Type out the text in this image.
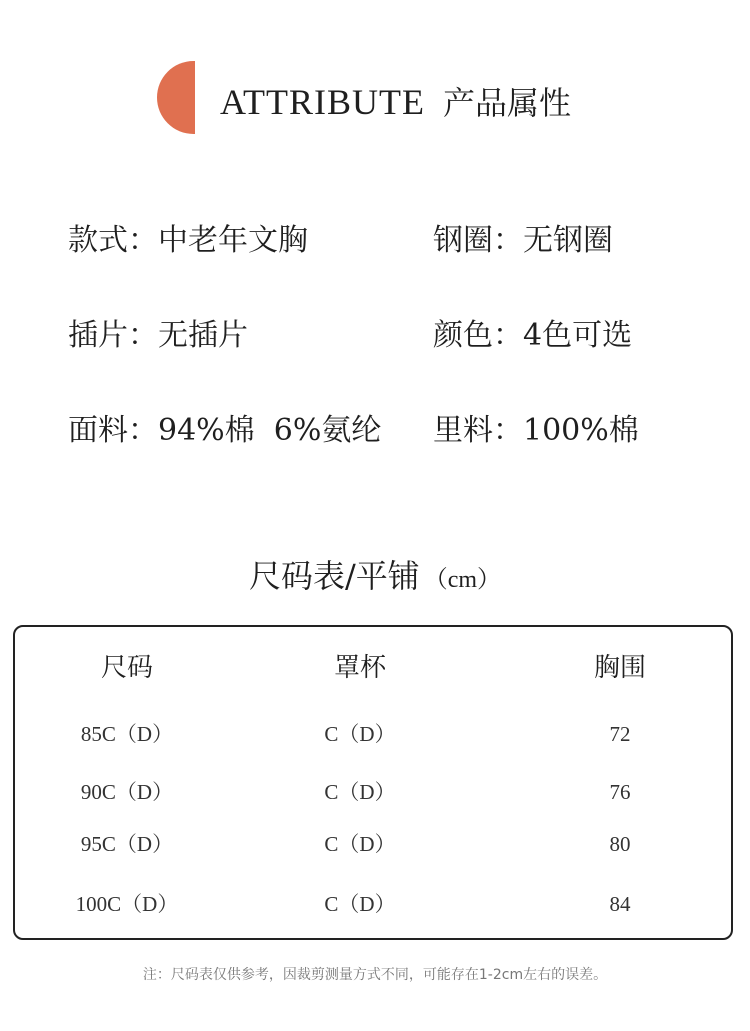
ATTRIBUTE 产品属性
款式：中老年文胸	钢圈：无钢圈
插片：无插片	颜色：4色可选
面料：94%棉  6%氨纶 里料：100%棉
尺码表/平铺 （cm）
尺码	罩杯	胸围
85C（D）	C（D）	72
90C（D）	C（D）	76
95C（D）	C（D）	80
100C（D）	C（D）	84
注：尺码表仅供参考，因裁剪测量方式不同，可能存在1-2cm左右的误差。
